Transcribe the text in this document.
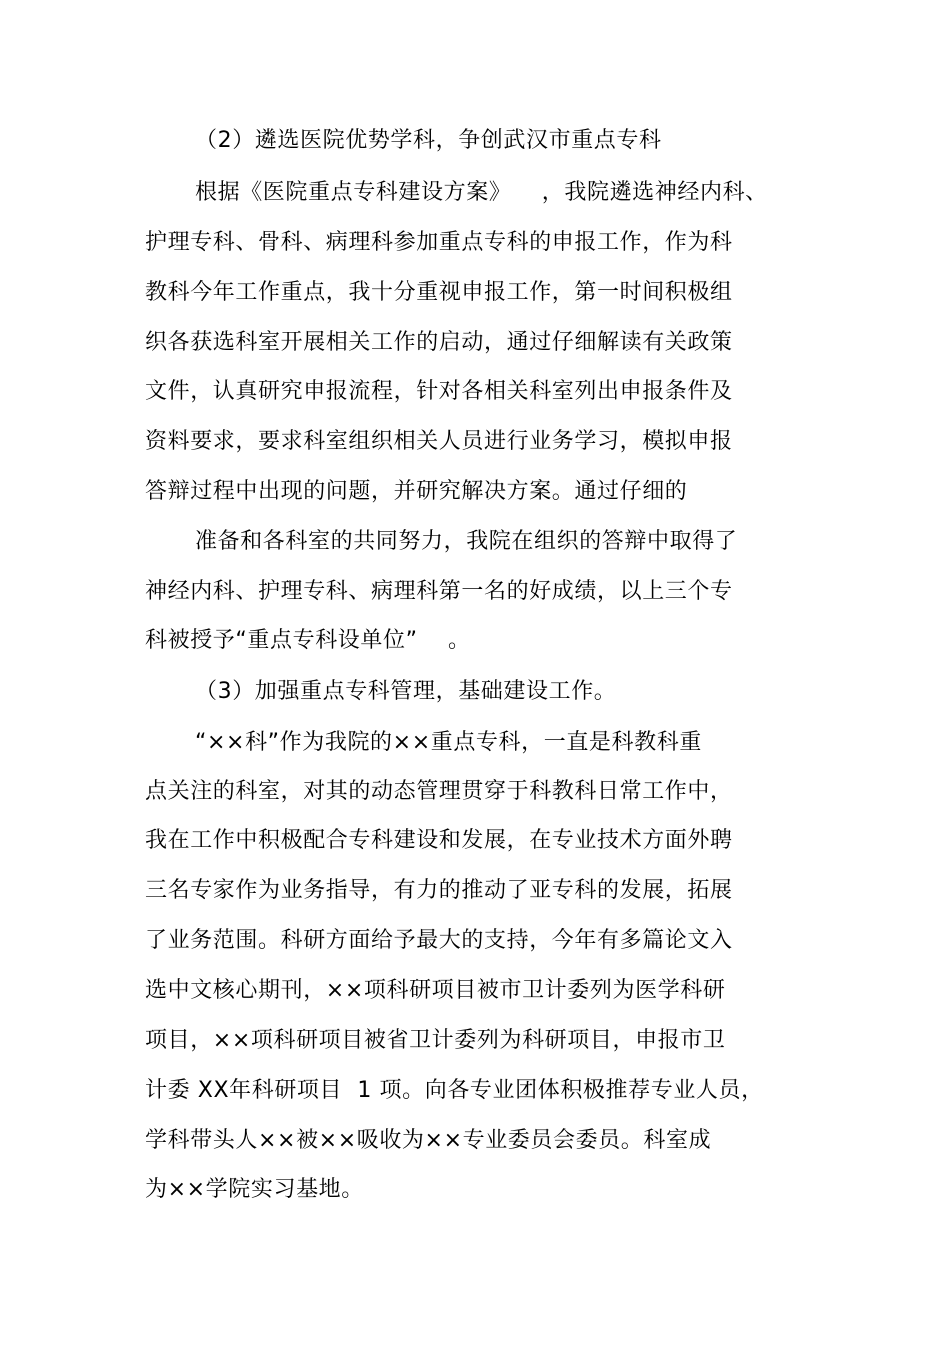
（2）遴选医院优势学科，争创武汉市重点专科
根据《医院重点专科建设方案》    ，我院遴选神经内科、
护理专科、骨科、病理科参加重点专科的申报工作，作为科
教科今年工作重点，我十分重视申报工作，第一时间积极组
织各获选科室开展相关工作的启动，通过仔细解读有关政策
文件，认真研究申报流程，针对各相关科室列出申报条件及
资料要求，要求科室组织相关人员进行业务学习，模拟申报
答辩过程中出现的问题，并研究解决方案。通过仔细的
准备和各科室的共同努力，我院在组织的答辩中取得了
神经内科、护理专科、病理科第一名的好成绩，以上三个专
科被授予“重点专科设单位”    。
（3）加强重点专科管理，基础建设工作。
“××科”作为我院的××重点专科，一直是科教科重
点关注的科室，对其的动态管理贯穿于科教科日常工作中，
我在工作中积极配合专科建设和发展，在专业技术方面外聘
三名专家作为业务指导，有力的推动了亚专科的发展，拓展
了业务范围。科研方面给予最大的支持，今年有多篇论文入
选中文核心期刊，××项科研项目被市卫计委列为医学科研
项目，××项科研项目被省卫计委列为科研项目，申报市卫
计委 XX年科研项目  1 项。向各专业团体积极推荐专业人员，
学科带头人××被××吸收为××专业委员会委员。科室成
为××学院实习基地。
